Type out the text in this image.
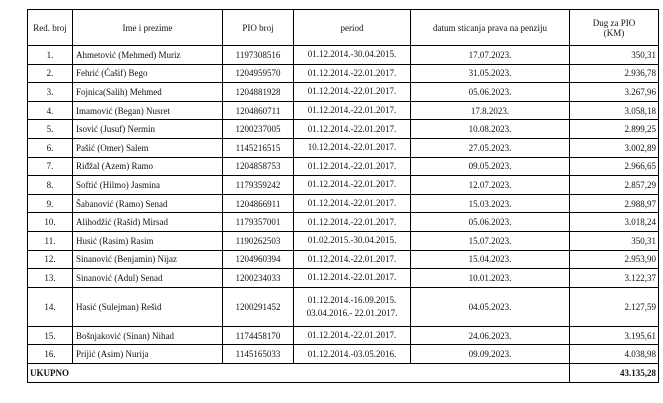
Red. broj	Ime i prezime	PIO broj	period	datum sticanja prava na penziju	Dug za PIO
(KM)

1.	Ahmetović (Mehmed) Muriz	1197308516	01.12.2014.-30.04.2015.	17.07.2023.	350,31
2.	Fehrić (Ćašif) Bego	1204959570	01.12.2014.-22.01.2017.	31.05.2023.	2.936,78
3.	Fojnica(Salih) Mehmed	1204881928	01.12.2014.-22.01.2017.	05.06.2023.	3.267,96
4.	Imamović (Began) Nusret	1204860711	01.12.2014.-22.01.2017.	17.8.2023.	3.058,18
5.	Isović (Jusuf) Nermin	1200237005	01.12.2014.-22.01.2017.	10.08.2023.	2.899,25
6.	Pašić (Omer) Salem	1145216515	10.12.2014.-22.01.2017.	27.05.2023.	3.002,89
7.	Riđžal (Azem) Ramo	1204858753	01.12.2014.-22.01.2017.	09.05.2023.	2.966,65
8.	Softić (Hilmo) Jasmina	1179359242	01.12.2014.-22.01.2017.	12.07.2023.	2.857,29
9.	Šabanović (Ramo) Senad	1204866911	01.12.2014.-22.01.2017.	15.03.2023.	2.988,97
10.	Alihodžić (Rašid) Mirsad	1179357001	01.12.2014.-22.01.2017.	05.06.2023.	3.018,24
11.	Husić (Rasim) Rasim	1190262503	01.02.2015.-30.04.2015.	15.07.2023.	350,31
12.	Sinanović (Benjamin) Nijaz	1204960394	01.12.2014.-22.01.2017.	15.04.2023.	2.953,90
13.	Sinanović (Adul) Senad	1200234033	01.12.2014.-22.01.2017.	10.01.2023.	3.122,37
14.	Hasić (Sulejman) Rešid	1200291452	01.12.2014.-16.09.2015.
03.04.2016.- 22.01.2017.	04.05.2023.	2.127,59
15.	Bošnjaković (Sinan) Nihad	1174458170	01.12.2014.-22.01.2017.	24.06.2023.	3.195,61
16.	Prijić (Asim) Nurija	1145165033	01.12.2014.-03.05.2016.	09.09.2023.	4.038,98
UKUPNO					43.135,28
